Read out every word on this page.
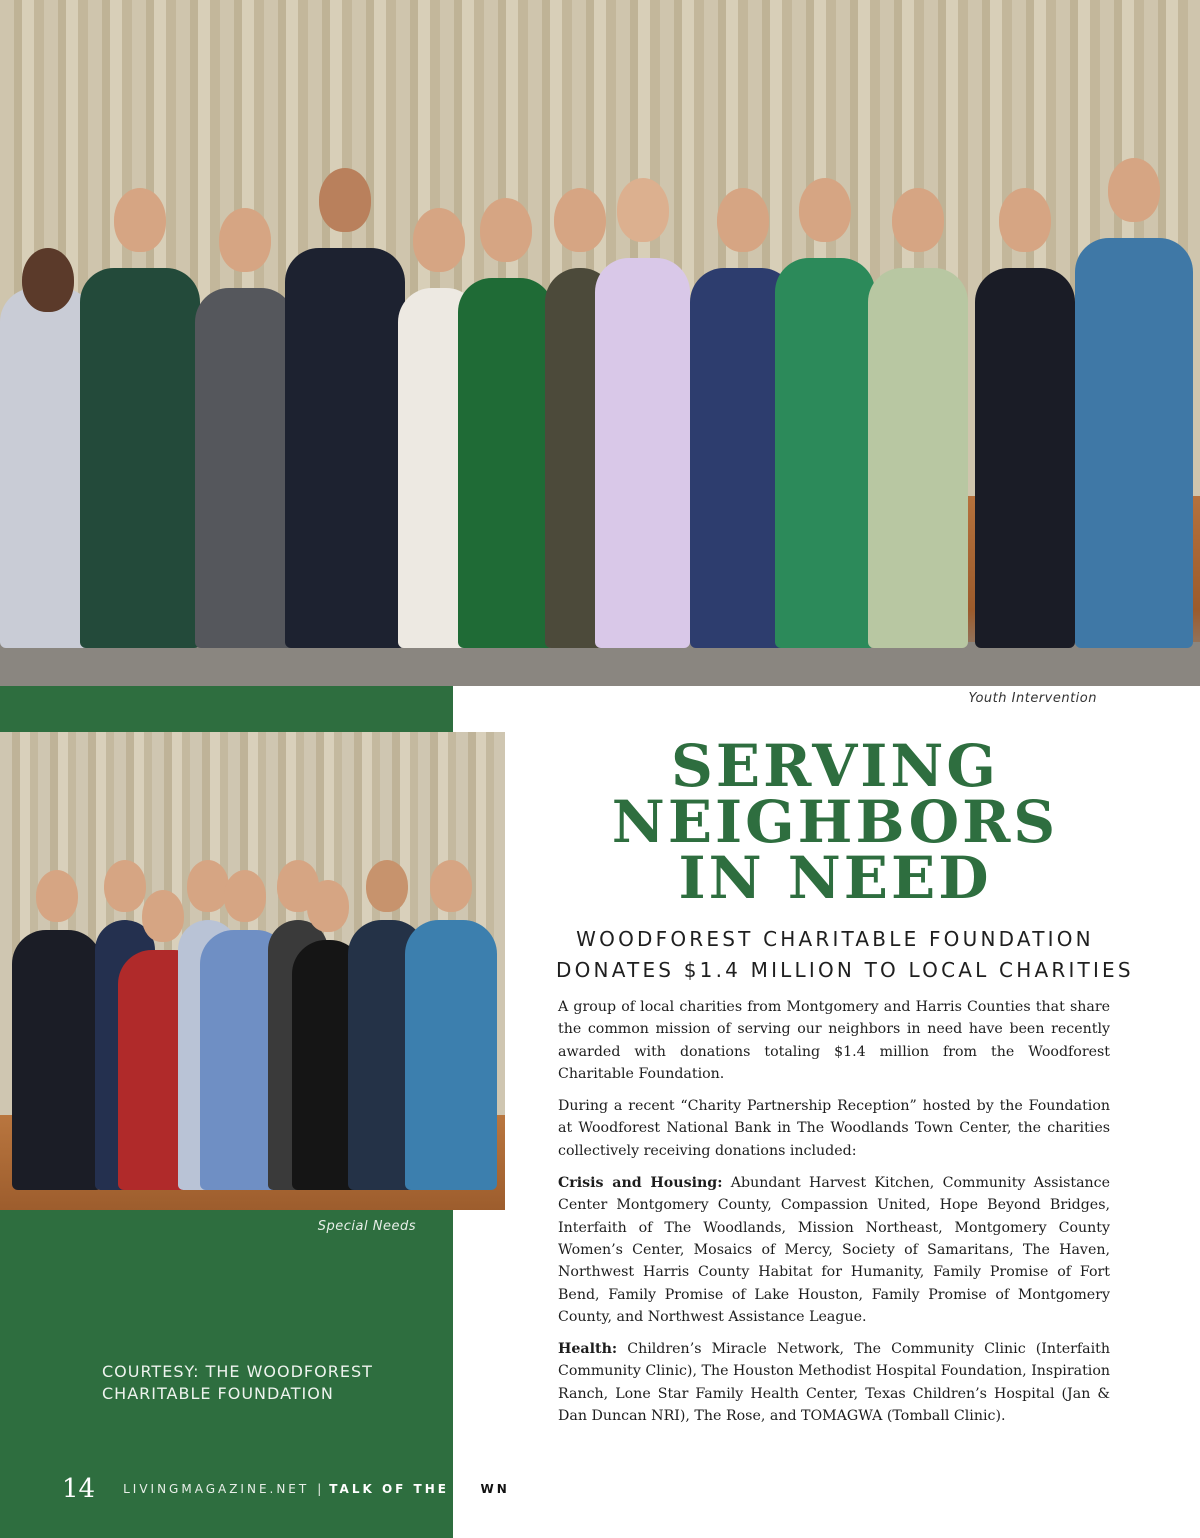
Youth Intervention
Special Needs
COURTESY: THE WOODFOREST
CHARITABLE FOUNDATION
14 LIVINGMAGAZINE.NET | TALK OF THE TOWN
SERVING
NEIGHBORS
IN NEED
WOODFOREST CHARITABLE FOUNDATION
DONATES $1.4 MILLION TO LOCAL CHARITIES

A group of local charities from Montgomery and Harris Counties that share the common mission of serving our neighbors in need have been recently awarded with donations totaling $1.4 million from the Woodforest Charitable Foundation.

During a recent “Charity Partnership Reception” hosted by the Foundation at Woodforest National Bank in The Woodlands Town Center, the charities collectively receiving donations included:

Crisis and Housing: Abundant Harvest Kitchen, Community Assistance Center Montgomery County, Compassion United, Hope Beyond Bridges, Interfaith of The Woodlands, Mission Northeast, Montgomery County Women’s Center, Mosaics of Mercy, Society of Samaritans, The Haven, Northwest Harris County Habitat for Humanity, Family Promise of Fort Bend, Family Promise of Lake Houston, Family Promise of Montgomery County, and Northwest Assistance League.

Health: Children’s Miracle Network, The Community Clinic (Interfaith Community Clinic), The Houston Methodist Hospital Foundation, Inspiration Ranch, Lone Star Family Health Center, Texas Children’s Hospital (Jan & Dan Duncan NRI), The Rose, and TOMAGWA (Tomball Clinic).
